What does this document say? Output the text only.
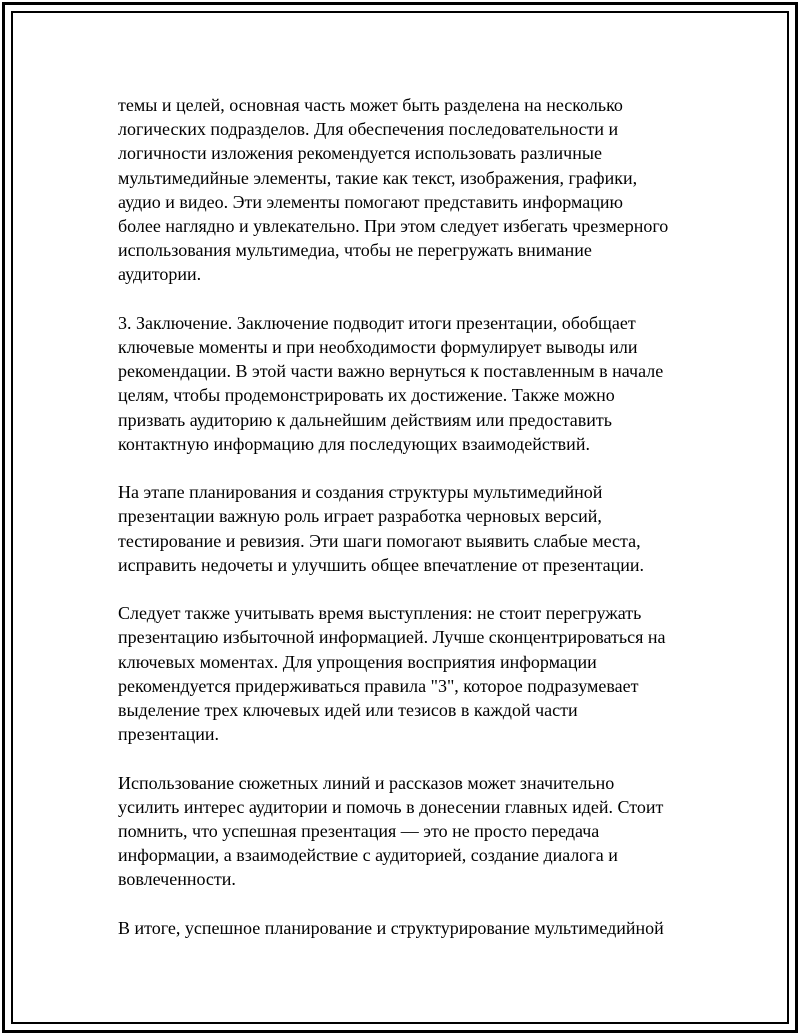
темы и целей, основная часть может быть разделена на несколько
логических подразделов. Для обеспечения последовательности и
логичности изложения рекомендуется использовать различные
мультимедийные элементы, такие как текст, изображения, графики,
аудио и видео. Эти элементы помогают представить информацию
более наглядно и увлекательно. При этом следует избегать чрезмерного
использования мультимедиа, чтобы не перегружать внимание
аудитории.

3. Заключение. Заключение подводит итоги презентации, обобщает
ключевые моменты и при необходимости формулирует выводы или
рекомендации. В этой части важно вернуться к поставленным в начале
целям, чтобы продемонстрировать их достижение. Также можно
призвать аудиторию к дальнейшим действиям или предоставить
контактную информацию для последующих взаимодействий.

На этапе планирования и создания структуры мультимедийной
презентации важную роль играет разработка черновых версий,
тестирование и ревизия. Эти шаги помогают выявить слабые места,
исправить недочеты и улучшить общее впечатление от презентации.

Следует также учитывать время выступления: не стоит перегружать
презентацию избыточной информацией. Лучше сконцентрироваться на
ключевых моментах. Для упрощения восприятия информации
рекомендуется придерживаться правила "3", которое подразумевает
выделение трех ключевых идей или тезисов в каждой части
презентации.

Использование сюжетных линий и рассказов может значительно
усилить интерес аудитории и помочь в донесении главных идей. Стоит
помнить, что успешная презентация — это не просто передача
информации, а взаимодействие с аудиторией, создание диалога и
вовлеченности.

В итоге, успешное планирование и структурирование мультимедийной
